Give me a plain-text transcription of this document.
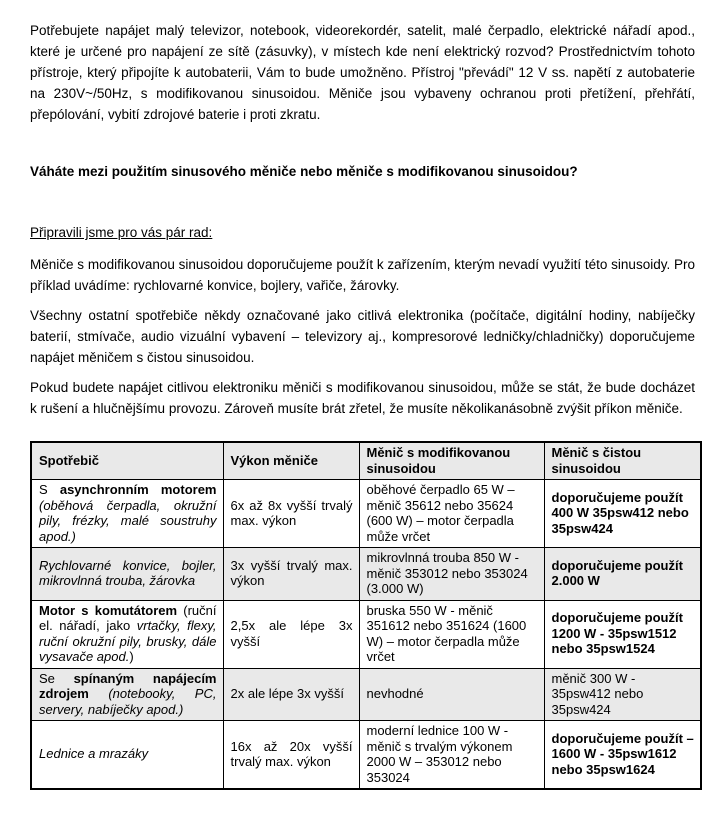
Potřebujete napájet malý televizor, notebook, videorekordér, satelit, malé čerpadlo, elektrické nářadí apod., které je určené pro napájení ze sítě (zásuvky), v místech kde není elektrický rozvod? Prostřednictvím tohoto přístroje, který připojíte k autobaterii, Vám to bude umožněno. Přístroj "převádí" 12 V ss. napětí z autobaterie na 230V~/50Hz, s modifikovanou sinusoidou. Měniče jsou vybaveny ochranou proti přetížení, přehřátí, přepólování, vybití zdrojové baterie i proti zkratu.

Váháte mezi použitím sinusového měniče nebo měniče s modifikovanou sinusoidou?

Připravili jsme pro vás pár rad:

Měniče s modifikovanou sinusoidou doporučujeme použít k zařízením, kterým nevadí využití této sinusoidy. Pro příklad uvádíme: rychlovarné konvice, bojlery, vařiče, žárovky.

Všechny ostatní spotřebiče někdy označované jako citlivá elektronika (počítače, digitální hodiny, nabíječky baterií, stmívače, audio vizuální vybavení – televizory aj., kompresorové ledničky/chladničky) doporučujeme napájet měničem s čistou sinusoidou.

Pokud budete napájet citlivou elektroniku měniči s modifikovanou sinusoidou, může se stát, že bude docházet k rušení a hlučnějšímu provozu. Zároveň musíte brát zřetel, že musíte několikanásobně zvýšit příkon měniče.

Spotřebič	Výkon měniče	Měnič s modifikovanou sinusoidou	Měnič s čistou sinusoidou
S asynchronním motorem (oběhová čerpadla, okružní pily, frézky, malé soustruhy apod.)	6x až 8x vyšší trvalý max. výkon	oběhové čerpadlo 65 W – měnič 35612 nebo 35624 (600 W) – motor čerpadla může vrčet	doporučujeme použít 400 W 35psw412 nebo 35psw424
Rychlovarné konvice, bojler, mikrovlnná trouba, žárovka	3x vyšší trvalý max. výkon	mikrovlnná trouba 850 W - měnič 353012 nebo 353024 (3.000 W)	doporučujeme použít 2.000 W
Motor s komutátorem (ruční el. nářadí, jako vrtačky, flexy, ruční okružní pily, brusky, dále vysavače apod.)	2,5x ale lépe 3x vyšší	bruska 550 W - měnič 351612 nebo 351624 (1600 W) – motor čerpadla může vrčet	doporučujeme použít 1200 W - 35psw1512 nebo 35psw1524
Se spínaným napájecím zdrojem (notebooky, PC, servery, nabíječky apod.)	2x ale lépe 3x vyšší	nevhodné	měnič 300 W - 35psw412 nebo 35psw424
Lednice a mrazáky	16x až 20x vyšší trvalý max. výkon	moderní lednice 100 W - měnič s trvalým výkonem 2000 W – 353012 nebo 353024	doporučujeme použít – 1600 W - 35psw1612 nebo 35psw1624
